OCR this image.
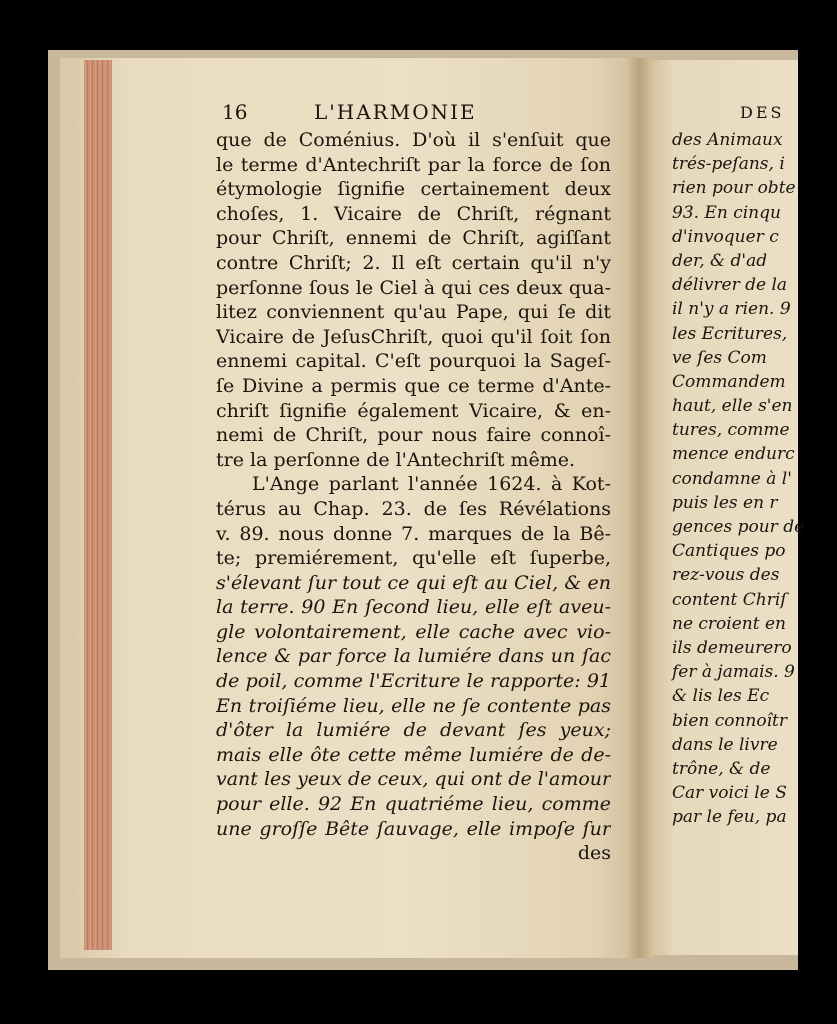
16	L'HARMONIE
que de Coménius. D'où il s'enſuit que
le terme d'Antechriſt par la force de ſon
étymologie ſignifie certainement deux
choſes, 1. Vicaire de Chriſt, régnant
pour Chriſt, ennemi de Chriſt, agiſſant
contre Chriſt; 2. Il eſt certain qu'il n'y
perſonne ſous le Ciel à qui ces deux qua-
litez conviennent qu'au Pape, qui ſe dit
Vicaire de JeſusChriſt, quoi qu'il ſoit ſon
ennemi capital. C'eſt pourquoi la Sageſ-
ſe Divine a permis que ce terme d'Ante-
chriſt ſignifie également Vicaire, & en-
nemi de Chriſt, pour nous faire connoî-
tre la perſonne de l'Antechriſt même.
L'Ange parlant l'année 1624. à Kot-
térus au Chap. 23. de ſes Révélations
v. 89. nous donne 7. marques de la Bê-
te; premiérement, qu'elle eſt ſuperbe,
s'élevant ſur tout ce qui eſt au Ciel, & en
la terre. 90 En ſecond lieu, elle eſt aveu-
gle volontairement, elle cache avec vio-
lence & par force la lumiére dans un ſac
de poil, comme l'Ecriture le rapporte: 91
En troiſiéme lieu, elle ne ſe contente pas
d'ôter la lumiére de devant ſes yeux;
mais elle ôte cette même lumiére de de-
vant les yeux de ceux, qui ont de l'amour
pour elle. 92 En quatriéme lieu, comme
une groſſe Bête ſauvage, elle impoſe ſur
des
DES
des Animaux
trés-peſans, i
rien pour obte
93. En cinqu
d'invoquer c
der, & d'ad
délivrer de la
il n'y a rien. 9
les Ecritures,
ve ſes Com
Commandem
haut, elle s'en
tures, comme
mence endurc
condamne à l'
puis les en r
gences pour de
Cantiques po
rez-vous des
content Chriſ
ne croient en
ils demeurero
fer à jamais. 9
& lis les Ec
bien connoîtr
dans le livre
trône, & de
Car voici le S
par le feu, pa
